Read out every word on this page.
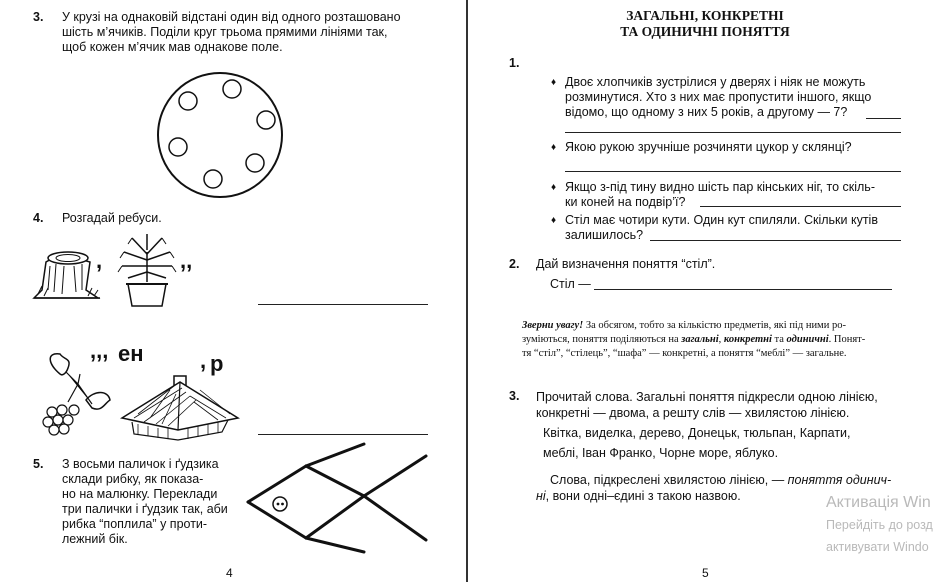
3. У крузі на однаковій відстані один від одного розташовано
шість м’ячиків. Поділи круг трьома прямими лініями так,
щоб кожен м’ячик мав однакове поле.
4. Розгадай ребуси.
,	,,
,,, ен	, р
5. З восьми паличок і ґудзика
склади рибку, як показа-
но на малюнку. Переклади
три палички і ґудзик так, аби
рибка “поплила” у проти-
лежний бік.
4
ЗАГАЛЬНІ, КОНКРЕТНІ
ТА ОДИНИЧНІ ПОНЯТТЯ
1.
♦ Двоє хлопчиків зустрілися у дверях і ніяк не можуть
розминутися. Хто з них має пропустити іншого, якщо
відомо, що одному з них 5 років, а другому — 7?
♦ Якою рукою зручніше розчиняти цукор у склянці?
♦ Якщо з-під тину видно шість пар кінських ніг, то скіль-
ки коней на подвір’ї?
♦ Стіл має чотири кути. Один кут спиляли. Скільки кутів
залишилось?
2. Дай визначення поняття “стіл”.
Стіл —
Зверни увагу! За обсягом, тобто за кількістю предметів, які під ними ро-
зуміються, поняття поділяються на загальні, конкретні та одиничні. Понят-
тя “стіл”, “стілець”, “шафа” — конкретні, а поняття “меблі” — загальне.
3. Прочитай слова. Загальні поняття підкресли одною лінією,
конкретні — двома, а решту слів — хвилястою лінією.
Квітка, виделка, дерево, Донецьк, тюльпан, Карпати,
меблі, Іван Франко, Чорне море, яблуко.
Слова, підкреслені хвилястою лінією, — поняття одинич-
ні, вони одні–єдині з такою назвою.
5
Активація Win
Перейдіть до розд
активувати Windo
